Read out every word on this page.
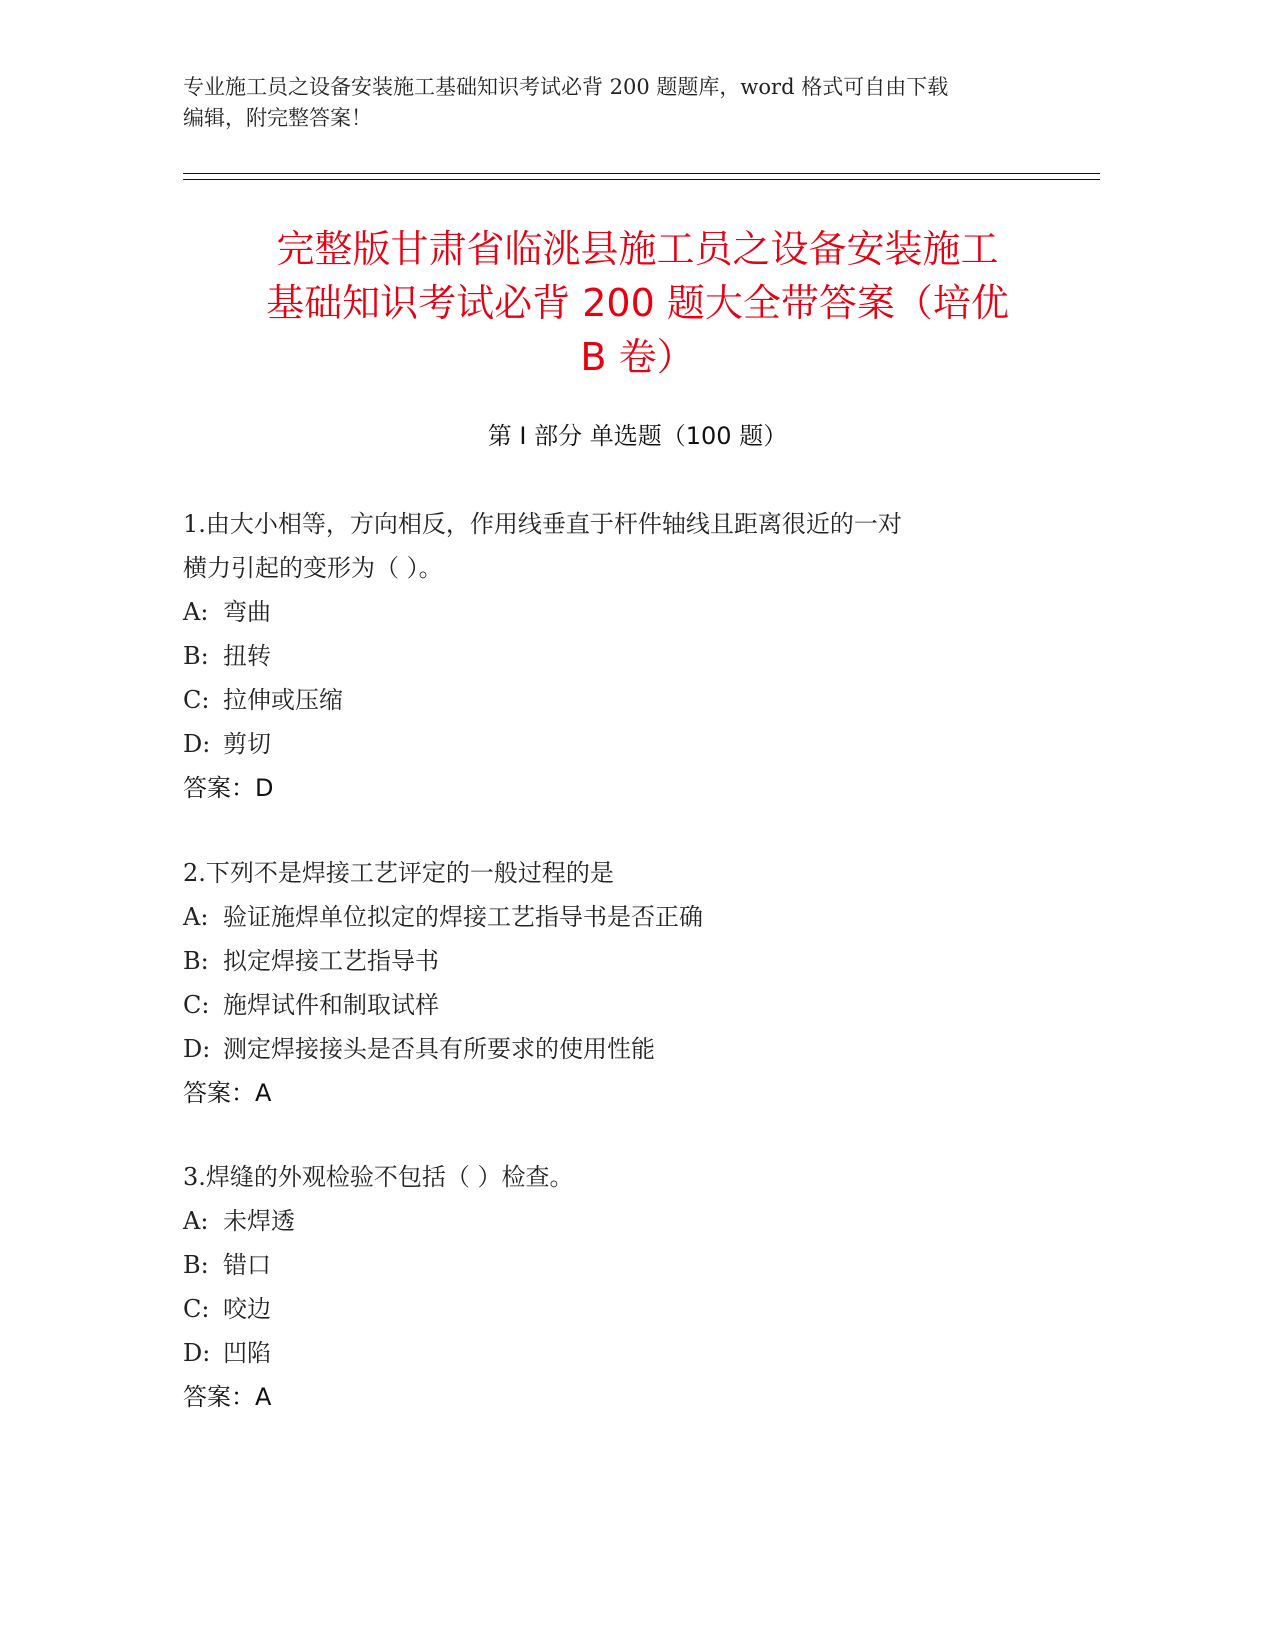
专业施工员之设备安装施工基础知识考试必背 200 题题库，word 格式可自由下载
编辑，附完整答案！
完整版甘肃省临洮县施工员之设备安装施工
基础知识考试必背 200 题大全带答案（培优
B 卷）
第 I 部分 单选题（100 题）
1.由大小相等，方向相反，作用线垂直于杆件轴线且距离很近的一对
横力引起的变形为（ ）。
A: 弯曲
B: 扭转
C: 拉伸或压缩
D: 剪切
答案：D
2.下列不是焊接工艺评定的一般过程的是
A: 验证施焊单位拟定的焊接工艺指导书是否正确
B: 拟定焊接工艺指导书
C: 施焊试件和制取试样
D: 测定焊接接头是否具有所要求的使用性能
答案：A
3.焊缝的外观检验不包括（ ）检查。
A: 未焊透
B: 错口
C: 咬边
D: 凹陷
答案：A
